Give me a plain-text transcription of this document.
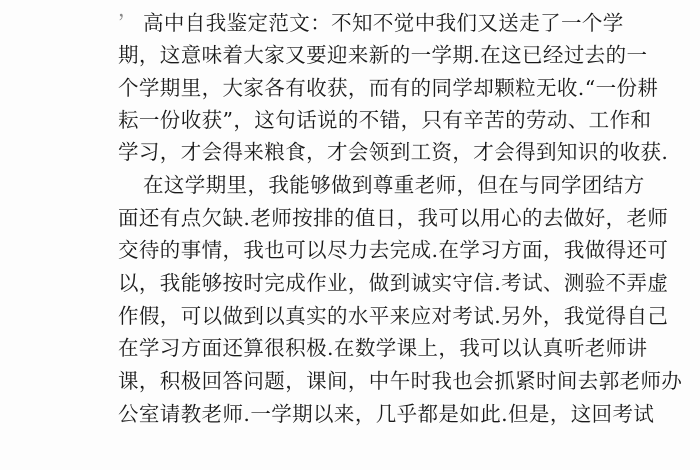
，
高中自我鉴定范文：不知不觉中我们又送走了一个学
期，这意味着大家又要迎来新的一学期.在这已经过去的一
个学期里，大家各有收获，而有的同学却颗粒无收.“一份耕
耘一份收获”，这句话说的不错，只有辛苦的劳动、工作和
学习，才会得来粮食，才会领到工资，才会得到知识的收获.
在这学期里，我能够做到尊重老师，但在与同学团结方
面还有点欠缺.老师按排的值日，我可以用心的去做好，老师
交待的事情，我也可以尽力去完成.在学习方面，我做得还可
以，我能够按时完成作业，做到诚实守信.考试、测验不弄虚
作假，可以做到以真实的水平来应对考试.另外，我觉得自己
在学习方面还算很积极.在数学课上，我可以认真听老师讲
课，积极回答问题，课间，中午时我也会抓紧时间去郭老师办
公室请教老师.一学期以来，几乎都是如此.但是，这回考试
